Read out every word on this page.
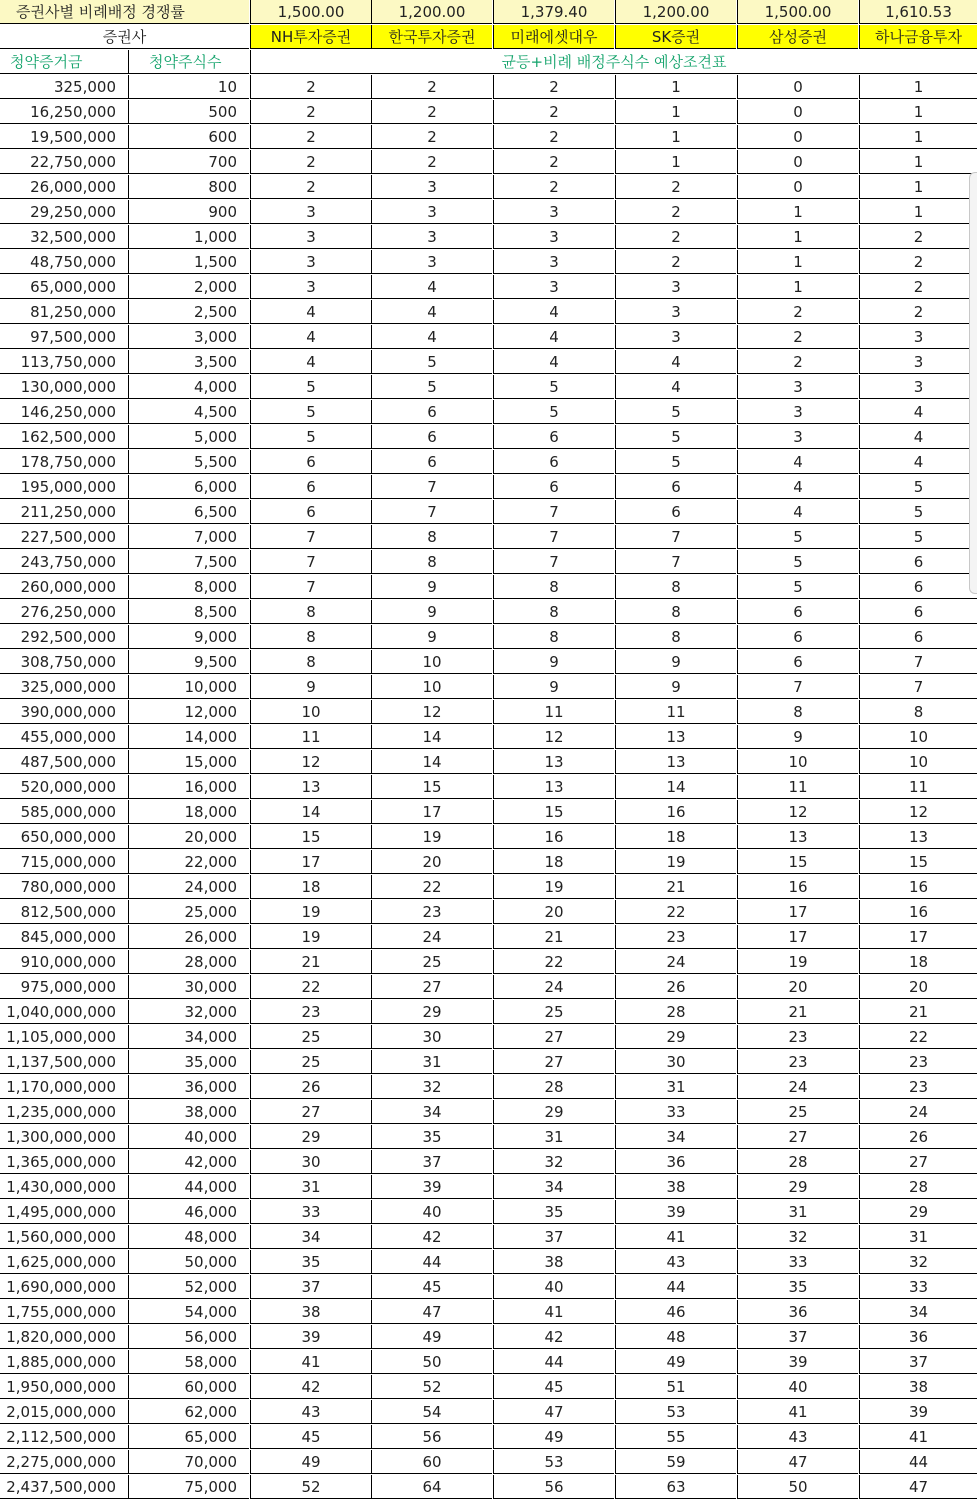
증권사별 비례배정 경쟁률	1,500.00	1,200.00	1,379.40	1,200.00	1,500.00	1,610.53
증권사	NH투자증권	한국투자증권	미래에셋대우	SK증권	삼성증권	하나금융투자
청약증거금	청약주식수	균등+비례 배정주식수 예상조견표
325,000	10	2	2	2	1	0	1
16,250,000	500	2	2	2	1	0	1
19,500,000	600	2	2	2	1	0	1
22,750,000	700	2	2	2	1	0	1
26,000,000	800	2	3	2	2	0	1
29,250,000	900	3	3	3	2	1	1
32,500,000	1,000	3	3	3	2	1	2
48,750,000	1,500	3	3	3	2	1	2
65,000,000	2,000	3	4	3	3	1	2
81,250,000	2,500	4	4	4	3	2	2
97,500,000	3,000	4	4	4	3	2	3
113,750,000	3,500	4	5	4	4	2	3
130,000,000	4,000	5	5	5	4	3	3
146,250,000	4,500	5	6	5	5	3	4
162,500,000	5,000	5	6	6	5	3	4
178,750,000	5,500	6	6	6	5	4	4
195,000,000	6,000	6	7	6	6	4	5
211,250,000	6,500	6	7	7	6	4	5
227,500,000	7,000	7	8	7	7	5	5
243,750,000	7,500	7	8	7	7	5	6
260,000,000	8,000	7	9	8	8	5	6
276,250,000	8,500	8	9	8	8	6	6
292,500,000	9,000	8	9	8	8	6	6
308,750,000	9,500	8	10	9	9	6	7
325,000,000	10,000	9	10	9	9	7	7
390,000,000	12,000	10	12	11	11	8	8
455,000,000	14,000	11	14	12	13	9	10
487,500,000	15,000	12	14	13	13	10	10
520,000,000	16,000	13	15	13	14	11	11
585,000,000	18,000	14	17	15	16	12	12
650,000,000	20,000	15	19	16	18	13	13
715,000,000	22,000	17	20	18	19	15	15
780,000,000	24,000	18	22	19	21	16	16
812,500,000	25,000	19	23	20	22	17	16
845,000,000	26,000	19	24	21	23	17	17
910,000,000	28,000	21	25	22	24	19	18
975,000,000	30,000	22	27	24	26	20	20
1,040,000,000	32,000	23	29	25	28	21	21
1,105,000,000	34,000	25	30	27	29	23	22
1,137,500,000	35,000	25	31	27	30	23	23
1,170,000,000	36,000	26	32	28	31	24	23
1,235,000,000	38,000	27	34	29	33	25	24
1,300,000,000	40,000	29	35	31	34	27	26
1,365,000,000	42,000	30	37	32	36	28	27
1,430,000,000	44,000	31	39	34	38	29	28
1,495,000,000	46,000	33	40	35	39	31	29
1,560,000,000	48,000	34	42	37	41	32	31
1,625,000,000	50,000	35	44	38	43	33	32
1,690,000,000	52,000	37	45	40	44	35	33
1,755,000,000	54,000	38	47	41	46	36	34
1,820,000,000	56,000	39	49	42	48	37	36
1,885,000,000	58,000	41	50	44	49	39	37
1,950,000,000	60,000	42	52	45	51	40	38
2,015,000,000	62,000	43	54	47	53	41	39
2,112,500,000	65,000	45	56	49	55	43	41
2,275,000,000	70,000	49	60	53	59	47	44
2,437,500,000	75,000	52	64	56	63	50	47
